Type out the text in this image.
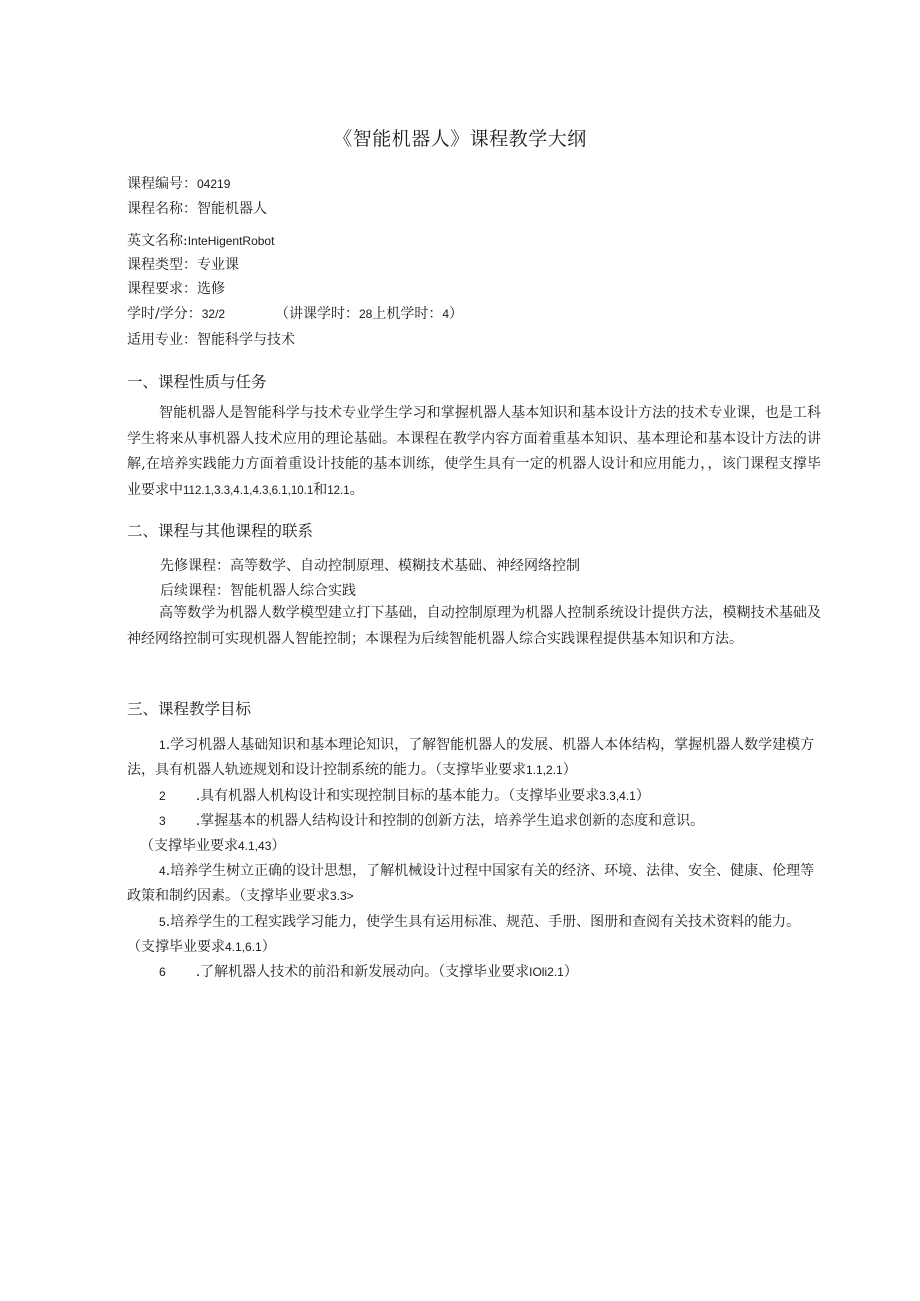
《智能机器人》课程教学大纲
课程编号：04219
课程名称：智能机器人
英文名称:InteHigentRobot
课程类型：专业课
课程要求：选修
学时/学分：32/2	（讲课学时：28上机学时：4）
适用专业：智能科学与技术
一、课程性质与任务
智能机器人是智能科学与技术专业学生学习和掌握机器人基本知识和基本设计方法的技术专业课，也是工科学生将来从事机器人技术应用的理论基础。本课程在教学内容方面着重基本知识、基本理论和基本设计方法的讲解,在培养实践能力方面着重设计技能的基本训练，使学生具有一定的机器人设计和应用能力，，该门课程支撑毕业要求中112.1,3.3,4.1,4.3,6.1,10.1和12.1。
二、课程与其他课程的联系
先修课程：高等数学、自动控制原理、模糊技术基础、神经网络控制
后续课程：智能机器人综合实践
高等数学为机器人数学模型建立打下基础，自动控制原理为机器人控制系统设计提供方法，模糊技术基础及神经网络控制可实现机器人智能控制；本课程为后续智能机器人综合实践课程提供基本知识和方法。
三、课程教学目标
1.学习机器人基础知识和基本理论知识，了解智能机器人的发展、机器人本体结构，掌握机器人数学建模方法，具有机器人轨迹规划和设计控制系统的能力。（支撑毕业要求1.1,2.1）
2 .具有机器人机构设计和实现控制目标的基本能力。（支撑毕业要求3.3,4.1）
3 .掌握基本的机器人结构设计和控制的创新方法，培养学生追求创新的态度和意识。
（支撑毕业要求4.1,43）
4.培养学生树立正确的设计思想，了解机械设计过程中国家有关的经济、环境、法律、安全、健康、伦理等政策和制约因素。（支撑毕业要求3.3>
5.培养学生的工程实践学习能力，使学生具有运用标准、规范、手册、图册和查阅有关技术资料的能力。（支撑毕业要求4.1,6.1）
6 .了解机器人技术的前沿和新发展动向。（支撑毕业要求IOli2.1）
